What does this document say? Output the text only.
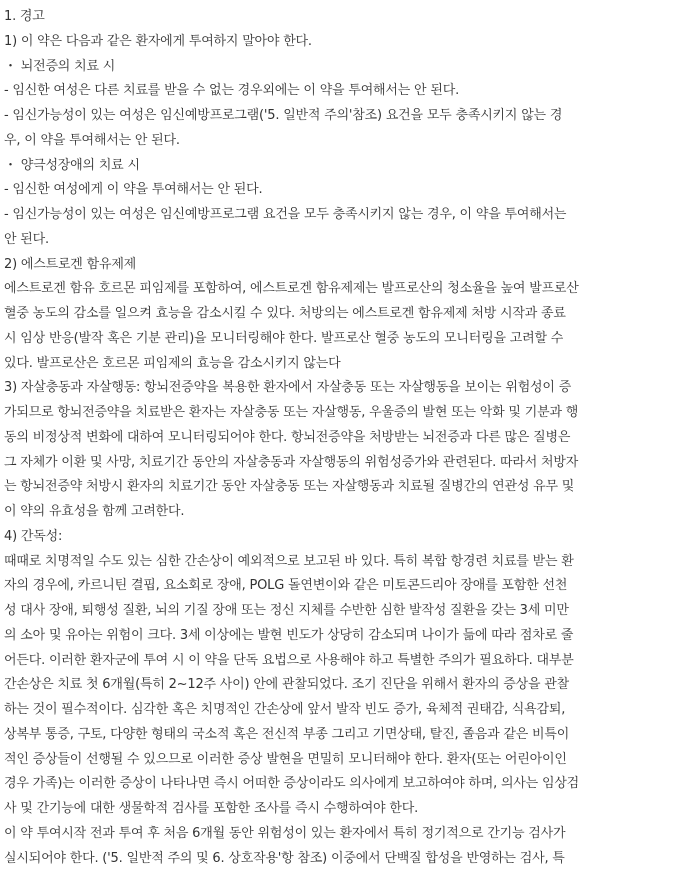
1. 경고
1) 이 약은 다음과 같은 환자에게 투여하지 말아야 한다.
・ 뇌전증의 치료 시
- 임신한 여성은 다른 치료를 받을 수 없는 경우외에는 이 약을 투여해서는 안 된다.
- 임신가능성이 있는 여성은 임신예방프로그램('5. 일반적 주의'참조) 요건을 모두 충족시키지 않는 경
우, 이 약을 투여해서는 안 된다.
・ 양극성장애의 치료 시
- 임신한 여성에게 이 약을 투여해서는 안 된다.
- 임신가능성이 있는 여성은 임신예방프로그램 요건을 모두 충족시키지 않는 경우, 이 약을 투여해서는
안 된다.
2) 에스트로겐 함유제제
에스트로겐 함유 호르몬 피임제를 포함하여, 에스트로겐 함유제제는 발프로산의 청소율을 높여 발프로산
혈중 농도의 감소를 일으켜 효능을 감소시킬 수 있다. 처방의는 에스트로겐 함유제제 처방 시작과 종료
시 임상 반응(발작 혹은 기분 관리)을 모니터링해야 한다. 발프로산 혈중 농도의 모니터링을 고려할 수
있다. 발프로산은 호르몬 피임제의 효능을 감소시키지 않는다
3) 자살충동과 자살행동: 항뇌전증약을 복용한 환자에서 자살충동 또는 자살행동을 보이는 위험성이 증
가되므로 항뇌전증약을 치료받은 환자는 자살충동 또는 자살행동, 우울증의 발현 또는 악화 및 기분과 행
동의 비정상적 변화에 대하여 모니터링되어야 한다. 항뇌전증약을 처방받는 뇌전증과 다른 많은 질병은
그 자체가 이환 및 사망, 치료기간 동안의 자살충동과 자살행동의 위험성증가와 관련된다. 따라서 처방자
는 항뇌전증약 처방시 환자의 치료기간 동안 자살충동 또는 자살행동과 치료될 질병간의 연관성 유무 및
이 약의 유효성을 함께 고려한다.
4) 간독성:
때때로 치명적일 수도 있는 심한 간손상이 예외적으로 보고된 바 있다. 특히 복합 항경련 치료를 받는 환
자의 경우에, 카르니틴 결핍, 요소회로 장애, POLG 돌연변이와 같은 미토콘드리아 장애를 포함한 선천
성 대사 장애, 퇴행성 질환, 뇌의 기질 장애 또는 정신 지체를 수반한 심한 발작성 질환을 갖는 3세 미만
의 소아 및 유아는 위험이 크다. 3세 이상에는 발현 빈도가 상당히 감소되며 나이가 듦에 따라 점차로 줄
어든다. 이러한 환자군에 투여 시 이 약을 단독 요법으로 사용해야 하고 특별한 주의가 필요하다. 대부분
간손상은 치료 첫 6개월(특히 2~12주 사이) 안에 관찰되었다. 조기 진단을 위해서 환자의 증상을 관찰
하는 것이 필수적이다. 심각한 혹은 치명적인 간손상에 앞서 발작 빈도 증가, 육체적 권태감, 식욕감퇴,
상복부 통증, 구토, 다양한 형태의 국소적 혹은 전신적 부종 그리고 기면상태, 탈진, 졸음과 같은 비특이
적인 증상들이 선행될 수 있으므로 이러한 증상 발현을 면밀히 모니터해야 한다. 환자(또는 어린아이인
경우 가족)는 이러한 증상이 나타나면 즉시 어떠한 증상이라도 의사에게 보고하여야 하며, 의사는 임상검
사 및 간기능에 대한 생물학적 검사를 포함한 조사를 즉시 수행하여야 한다.
이 약 투여시작 전과 투여 후 처음 6개월 동안 위험성이 있는 환자에서 특히 정기적으로 간기능 검사가
실시되어야 한다. ('5. 일반적 주의 및 6. 상호작용'항 참조) 이중에서 단백질 합성을 반영하는 검사, 특
